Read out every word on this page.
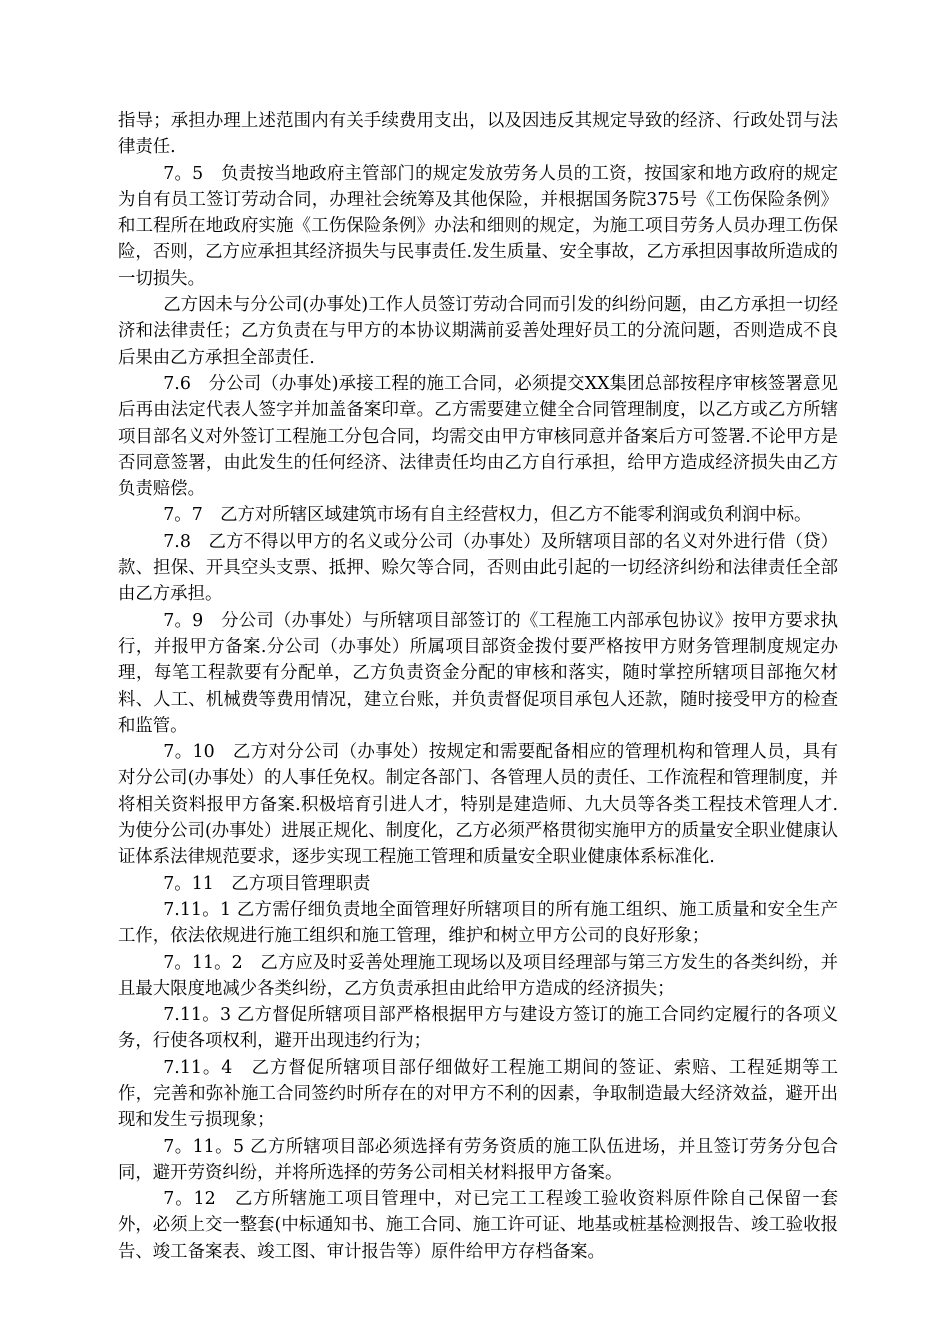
指导；承担办理上述范围内有关手续费用支出，以及因违反其规定导致的经济、行政处罚与法律责任.

7。5　负责按当地政府主管部门的规定发放劳务人员的工资，按国家和地方政府的规定为自有员工签订劳动合同，办理社会统筹及其他保险，并根据国务院375号《工伤保险条例》和工程所在地政府实施《工伤保险条例》办法和细则的规定，为施工项目劳务人员办理工伤保险，否则，乙方应承担其经济损失与民事责任.发生质量、安全事故，乙方承担因事故所造成的一切损失。

乙方因未与分公司(办事处)工作人员签订劳动合同而引发的纠纷问题，由乙方承担一切经济和法律责任；乙方负责在与甲方的本协议期满前妥善处理好员工的分流问题，否则造成不良后果由乙方承担全部责任.

7.6　分公司（办事处)承接工程的施工合同，必须提交XX集团总部按程序审核签署意见后再由法定代表人签字并加盖备案印章。乙方需要建立健全合同管理制度，以乙方或乙方所辖项目部名义对外签订工程施工分包合同，均需交由甲方审核同意并备案后方可签署.不论甲方是否同意签署，由此发生的任何经济、法律责任均由乙方自行承担，给甲方造成经济损失由乙方负责赔偿。

7。7　乙方对所辖区域建筑市场有自主经营权力，但乙方不能零利润或负利润中标。

7.8　乙方不得以甲方的名义或分公司（办事处）及所辖项目部的名义对外进行借（贷）款、担保、开具空头支票、抵押、赊欠等合同，否则由此引起的一切经济纠纷和法律责任全部由乙方承担。

7。9　分公司（办事处）与所辖项目部签订的《工程施工内部承包协议》按甲方要求执行，并报甲方备案.分公司（办事处）所属项目部资金拨付要严格按甲方财务管理制度规定办理，每笔工程款要有分配单，乙方负责资金分配的审核和落实，随时掌控所辖项目部拖欠材料、人工、机械费等费用情况，建立台账，并负责督促项目承包人还款，随时接受甲方的检查和监管。

7。10　乙方对分公司（办事处）按规定和需要配备相应的管理机构和管理人员，具有对分公司(办事处）的人事任免权。制定各部门、各管理人员的责任、工作流程和管理制度，并将相关资料报甲方备案.积极培育引进人才，特别是建造师、九大员等各类工程技术管理人才.为使分公司(办事处）进展正规化、制度化，乙方必须严格贯彻实施甲方的质量安全职业健康认证体系法律规范要求，逐步实现工程施工管理和质量安全职业健康体系标准化.

7。11　乙方项目管理职责

7.11。1 乙方需仔细负责地全面管理好所辖项目的所有施工组织、施工质量和安全生产工作，依法依规进行施工组织和施工管理，维护和树立甲方公司的良好形象；

7。11。2　乙方应及时妥善处理施工现场以及项目经理部与第三方发生的各类纠纷，并且最大限度地减少各类纠纷，乙方负责承担由此给甲方造成的经济损失；

7.11。3 乙方督促所辖项目部严格根据甲方与建设方签订的施工合同约定履行的各项义务，行使各项权利，避开出现违约行为；

7.11。4　乙方督促所辖项目部仔细做好工程施工期间的签证、索赔、工程延期等工作，完善和弥补施工合同签约时所存在的对甲方不利的因素，争取制造最大经济效益，避开出现和发生亏损现象；

7。11。5 乙方所辖项目部必须选择有劳务资质的施工队伍进场，并且签订劳务分包合同，避开劳资纠纷，并将所选择的劳务公司相关材料报甲方备案。

7。12　乙方所辖施工项目管理中，对已完工工程竣工验收资料原件除自己保留一套外，必须上交一整套(中标通知书、施工合同、施工许可证、地基或桩基检测报告、竣工验收报告、竣工备案表、竣工图、审计报告等）原件给甲方存档备案。
